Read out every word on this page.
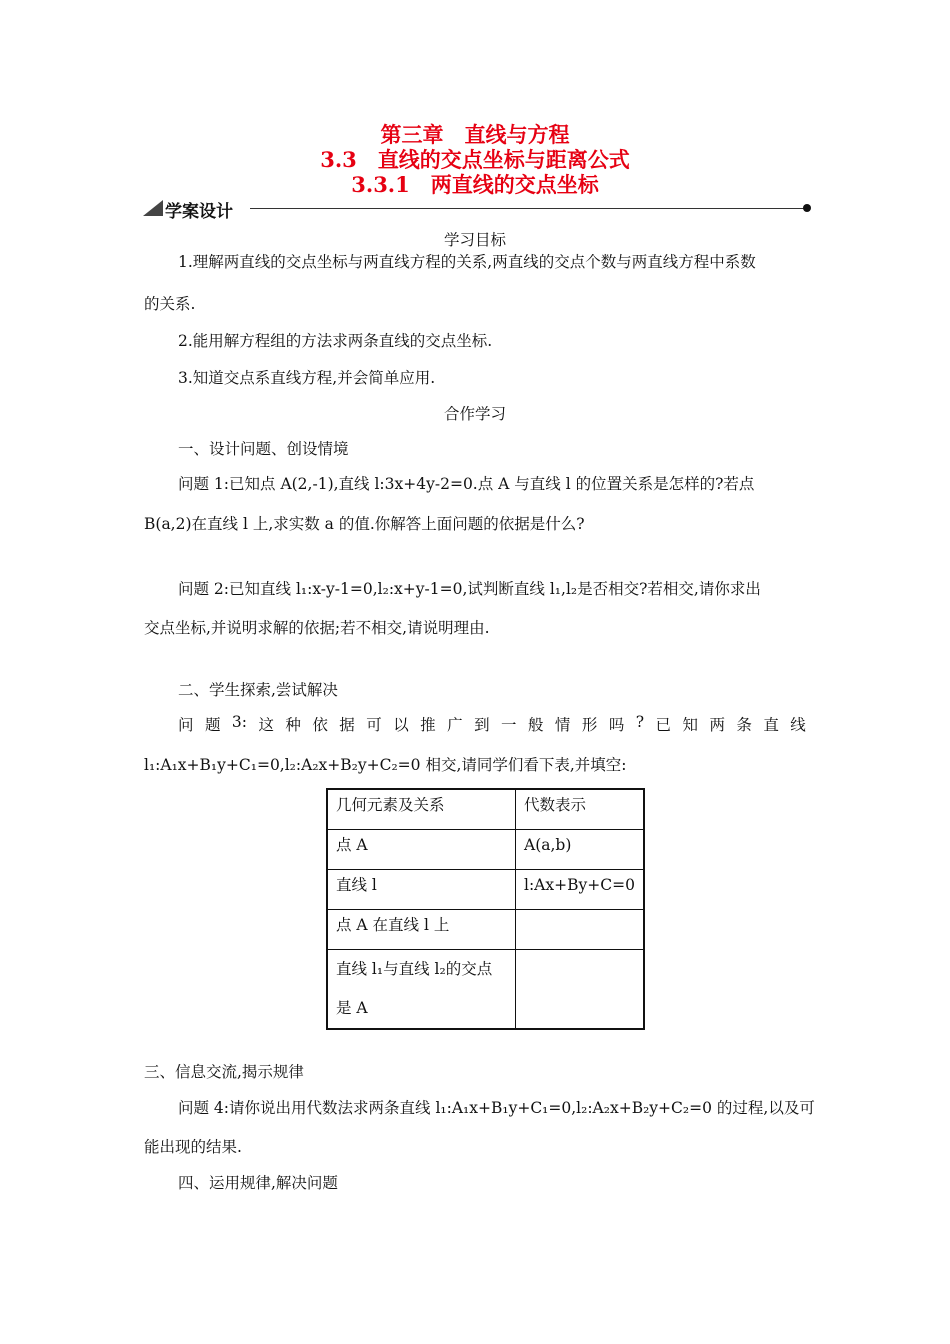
第三章　直线与方程
3.3　直线的交点坐标与距离公式
3.3.1　两直线的交点坐标
学案设计
学习目标
1.理解两直线的交点坐标与两直线方程的关系,两直线的交点个数与两直线方程中系数
的关系.
2.能用解方程组的方法求两条直线的交点坐标.
3.知道交点系直线方程,并会简单应用.
合作学习
一、设计问题、创设情境
问题 1:已知点 A(2,-1),直线 l:3x+4y-2=0.点 A 与直线 l 的位置关系是怎样的?若点
B(a,2)在直线 l 上,求实数 a 的值.你解答上面问题的依据是什么?
问题 2:已知直线 l₁:x-y-1=0,l₂:x+y-1=0,试判断直线 l₁,l₂是否相交?若相交,请你求出
交点坐标,并说明求解的依据;若不相交,请说明理由.
二、学生探索,尝试解决
问 题 3: 这 种 依 据 可 以 推 广 到 一 般 情 形 吗 ? 已 知 两 条 直 线
l₁:A₁x+B₁y+C₁=0,l₂:A₂x+B₂y+C₂=0 相交,请同学们看下表,并填空:
几何元素及关系	代数表示
点 A	A(a,b)
直线 l	l:Ax+By+C=0
点 A 在直线 l 上	
直线 l₁与直线 l₂的交点是 A	
三、信息交流,揭示规律
问题 4:请你说出用代数法求两条直线 l₁:A₁x+B₁y+C₁=0,l₂:A₂x+B₂y+C₂=0 的过程,以及可
能出现的结果.
四、运用规律,解决问题
